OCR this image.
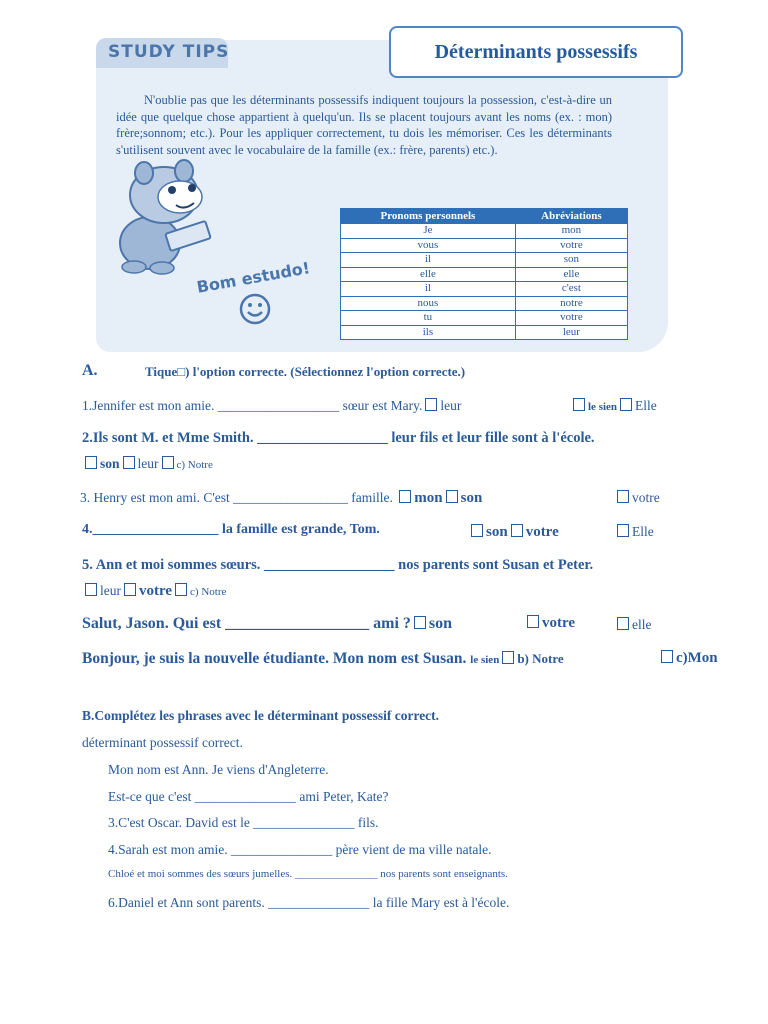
STUDY TIPS	Déterminants possessifs

N'oublie pas que les déterminants possessifs indiquent toujours la possession, c'est-à-dire un idée que quelque chose appartient à quelqu'un. Ils se placent toujours avant les noms (ex. : mon) frère;sonnom; etc.). Pour les appliquer correctement, tu dois les mémoriser. Ces les déterminants s'utilisent souvent avec le vocabulaire de la famille (ex.: frère, parents) etc.).

Bom estudo!
Pronoms personnels	Abréviations
Je	mon
vous	votre
il	son
elle	elle
il	c'est
nous	notre
tu	votre
ils	leur
A.	Tique□) l'option correcte. (Sélectionnez l'option correcte.)
1.Jennifer est mon amie. __________________ sœur est Mary. leur	le sien Elle
2.Ils sont M. et Mme Smith. __________________ leur fils et leur fille sont à l'école.
son leur c) Notre
3. Henry est mon ami. C'est _________________ famille. mon son	votre
4.__________________ la famille est grande, Tom.	son votre	Elle
5. Ann et moi sommes sœurs. __________________ nos parents sont Susan et Peter.
leur votre c) Notre
Salut, Jason. Qui est __________________ ami ? son	votre	elle
Bonjour, je suis la nouvelle étudiante. Mon nom est Susan. le sien b) Notre	c)Mon
B.Complétez les phrases avec le déterminant possessif correct.
déterminant possessif correct.
Mon nom est Ann. Je viens d'Angleterre.
Est-ce que c'est _______________ ami Peter, Kate?
3.C'est Oscar. David est le _______________ fils.
4.Sarah est mon amie. _______________ père vient de ma ville natale.
Chloé et moi sommes des sœurs jumelles. _______________ nos parents sont enseignants.
6.Daniel et Ann sont parents. _______________ la fille Mary est à l'école.
